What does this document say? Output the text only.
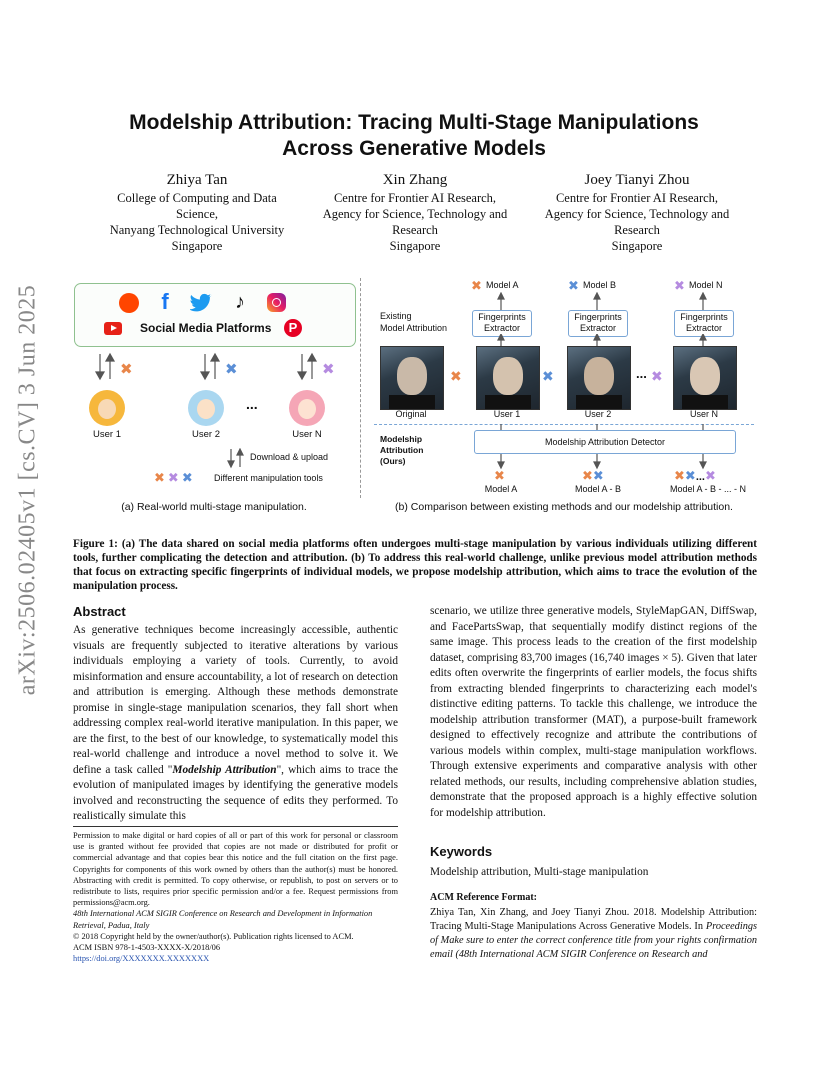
arXiv:2506.02405v1 [cs.CV] 3 Jun 2025
Modelship Attribution: Tracing Multi-Stage Manipulations
Across Generative Models
Zhiya Tan
College of Computing and Data
Science,
Nanyang Technological University
Singapore
Xin Zhang
Centre for Frontier AI Research,
Agency for Science, Technology and
Research
Singapore
Joey Tianyi Zhou
Centre for Frontier AI Research,
Agency for Science, Technology and
Research
Singapore
f	♪
Social Media Platforms	P
✖	✖	✖
...
User 1	User 2	User N
Download & upload
✖ ✖ ✖ Different manipulation tools
(a) Real-world multi-stage manipulation.
✖ Model A	✖ Model B	✖ Model N
Fingerprints Extractor
Fingerprints Extractor
Fingerprints Extractor
Existing
Model Attribution
✖	✖	... ✖
Original	User 1	User 2	User N
Modelship
Attribution
(Ours)
Modelship Attribution Detector
✖	✖✖	✖✖...✖
Model A	Model A - B	Model A - B - ... - N
(b) Comparison between existing methods and our modelship attribution.
Figure 1: (a) The data shared on social media platforms often undergoes multi-stage manipulation by various individuals utilizing different tools, further complicating the detection and attribution. (b) To address this real-world challenge, unlike previous model attribution methods that focus on extracting specific fingerprints of individual models, we propose modelship attribution, which aims to trace the evolution of the manipulation process.
Abstract
As generative techniques become increasingly accessible, authentic visuals are frequently subjected to iterative alterations by various individuals employing a variety of tools. Currently, to avoid misinformation and ensure accountability, a lot of research on detection and attribution is emerging. Although these methods demonstrate promise in single-stage manipulation scenarios, they fall short when addressing complex real-world iterative manipulation. In this paper, we are the first, to the best of our knowledge, to systematically model this real-world challenge and introduce a novel method to solve it. We define a task called "Modelship Attribution", which aims to trace the evolution of manipulated images by identifying the generative models involved and reconstructing the sequence of edits they performed. To realistically simulate this
Permission to make digital or hard copies of all or part of this work for personal or classroom use is granted without fee provided that copies are not made or distributed for profit or commercial advantage and that copies bear this notice and the full citation on the first page. Copyrights for components of this work owned by others than the author(s) must be honored. Abstracting with credit is permitted. To copy otherwise, or republish, to post on servers or to redistribute to lists, requires prior specific permission and/or a fee. Request permissions from permissions@acm.org.
48th International ACM SIGIR Conference on Research and Development in Information Retrieval, Padua, Italy
© 2018 Copyright held by the owner/author(s). Publication rights licensed to ACM.
ACM ISBN 978-1-4503-XXXX-X/2018/06
https://doi.org/XXXXXXX.XXXXXXX
scenario, we utilize three generative models, StyleMapGAN, DiffSwap, and FacePartsSwap, that sequentially modify distinct regions of the same image. This process leads to the creation of the first modelship dataset, comprising 83,700 images (16,740 images × 5). Given that later edits often overwrite the fingerprints of earlier models, the focus shifts from extracting blended fingerprints to characterizing each model's distinctive editing patterns. To tackle this challenge, we introduce the modelship attribution transformer (MAT), a purpose-built framework designed to effectively recognize and attribute the contributions of various models within complex, multi-stage manipulation workflows. Through extensive experiments and comparative analysis with other related methods, our results, including comprehensive ablation studies, demonstrate that the proposed approach is a highly effective solution for modelship attribution.
Keywords
Modelship attribution, Multi-stage manipulation
ACM Reference Format:
Zhiya Tan, Xin Zhang, and Joey Tianyi Zhou. 2018. Modelship Attribution: Tracing Multi-Stage Manipulations Across Generative Models. In Proceedings of Make sure to enter the correct conference title from your rights confirmation email (48th International ACM SIGIR Conference on Research and
